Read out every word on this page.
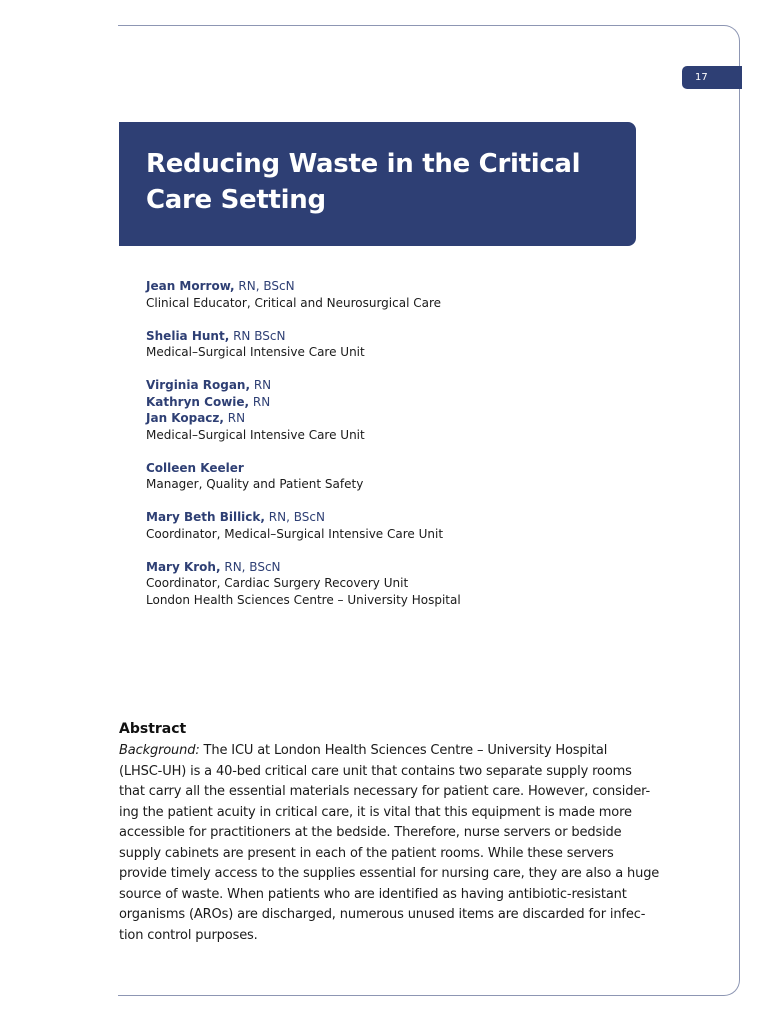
17
Reducing Waste in the Critical
Care Setting
Jean Morrow, RN, BScN
Clinical Educator, Critical and Neurosurgical Care
Shelia Hunt, RN BScN
Medical–Surgical Intensive Care Unit
Virginia Rogan, RN
Kathryn Cowie, RN
Jan Kopacz, RN
Medical–Surgical Intensive Care Unit
Colleen Keeler
Manager, Quality and Patient Safety
Mary Beth Billick, RN, BScN
Coordinator, Medical–Surgical Intensive Care Unit
Mary Kroh, RN, BScN
Coordinator, Cardiac Surgery Recovery Unit
London Health Sciences Centre – University Hospital
Abstract

Background: The ICU at London Health Sciences Centre – University Hospital
(LHSC-UH) is a 40-bed critical care unit that contains two separate supply rooms
that carry all the essential materials necessary for patient care. However, consider-
ing the patient acuity in critical care, it is vital that this equipment is made more
accessible for practitioners at the bedside. Therefore, nurse servers or bedside
supply cabinets are present in each of the patient rooms. While these servers
provide timely access to the supplies essential for nursing care, they are also a huge
source of waste. When patients who are identified as having antibiotic-resistant
organisms (AROs) are discharged, numerous unused items are discarded for infec-
tion control purposes.
